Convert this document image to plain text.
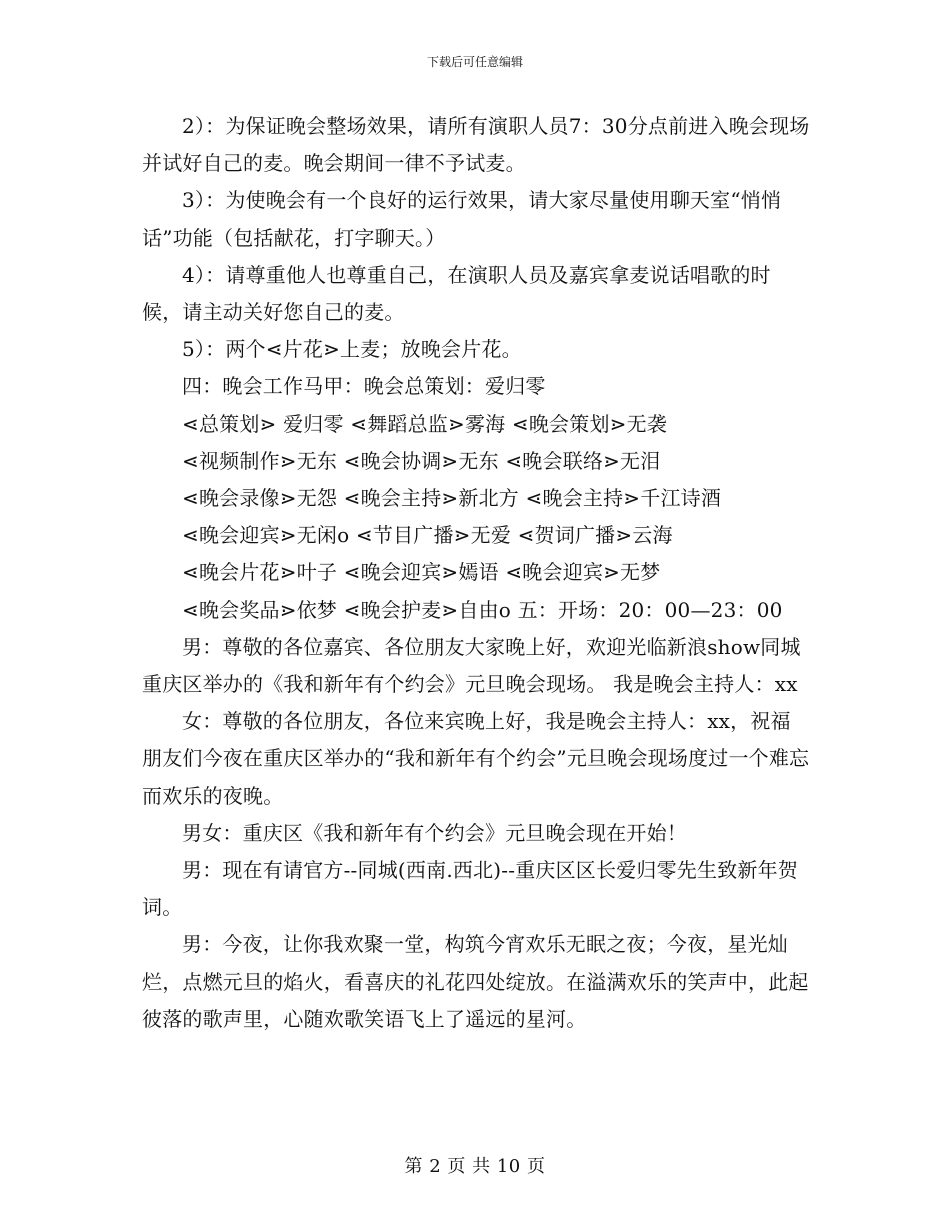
下载后可任意编辑

2）：为保证晚会整场效果，请所有演职人员7：30分点前进入晚会现场并试好自己的麦。晚会期间一律不予试麦。

3）：为使晚会有一个良好的运行效果，请大家尽量使用聊天室“悄悄话”功能（包括献花，打字聊天。）

4）：请尊重他人也尊重自己，在演职人员及嘉宾拿麦说话唱歌的时候，请主动关好您自己的麦。

5）：两个⋖片花⋗上麦；放晚会片花。

四：晚会工作马甲：晚会总策划：爱归零

⋖总策划⋗ 爱归零 ⋖舞蹈总监⋗雾海 ⋖晚会策划⋗无袭

⋖视频制作⋗无东 ⋖晚会协调⋗无东 ⋖晚会联络⋗无泪

⋖晚会录像⋗无怨 ⋖晚会主持⋗新北方 ⋖晚会主持⋗千江诗酒

⋖晚会迎宾⋗无闲o ⋖节目广播⋗无爱 ⋖贺词广播⋗云海

⋖晚会片花⋗叶子 ⋖晚会迎宾⋗嫣语 ⋖晚会迎宾⋗无梦

⋖晚会奖品⋗依梦 ⋖晚会护麦⋗自由o 五：开场：20：00—23：00

男：尊敬的各位嘉宾、各位朋友大家晚上好，欢迎光临新浪show同城重庆区举办的《我和新年有个约会》元旦晚会现场。 我是晚会主持人：xx

女：尊敬的各位朋友，各位来宾晚上好，我是晚会主持人：xx，祝福朋友们今夜在重庆区举办的“我和新年有个约会”元旦晚会现场度过一个难忘而欢乐的夜晚。

男女：重庆区《我和新年有个约会》元旦晚会现在开始！

男：现在有请官方--同城(西南.西北)--重庆区区长爱归零先生致新年贺词。

男：今夜，让你我欢聚一堂，构筑今宵欢乐无眠之夜；今夜，星光灿烂，点燃元旦的焰火，看喜庆的礼花四处绽放。在溢满欢乐的笑声中，此起彼落的歌声里，心随欢歌笑语飞上了遥远的星河。

第 2 页 共 10 页
